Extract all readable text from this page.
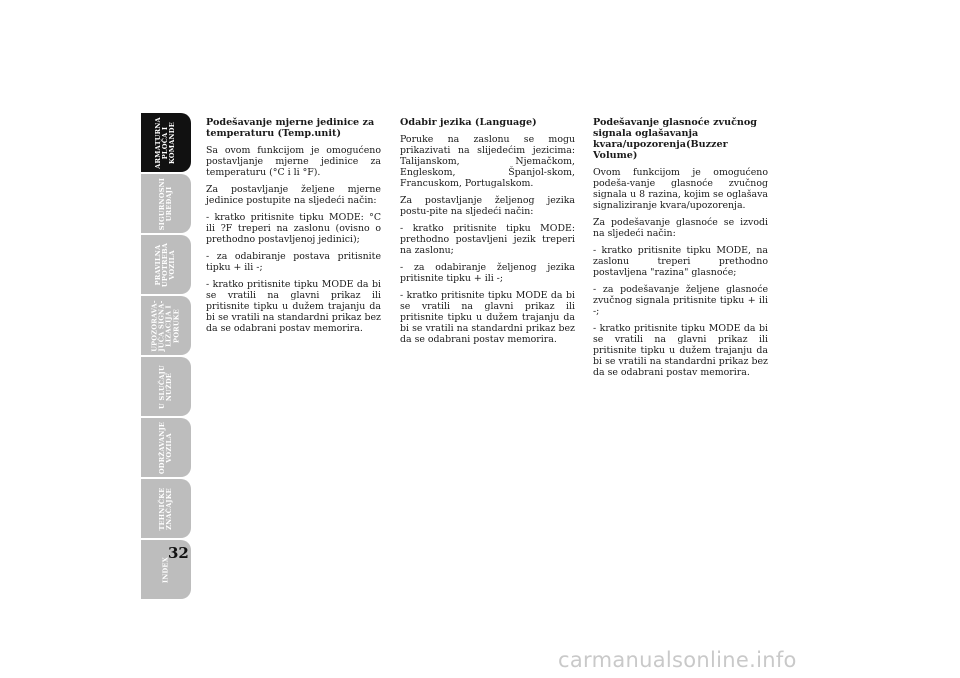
ARMATURNA PLOČA I KOMANDE
SIGURNOSNI UREĐAJI
PRAVILNA UPOTREBA VOZILA
UPOZORAVA-JUĆA SIGNA-LIZACIJA I PORUKE
U SLUČAJU NUŽDE
ODRŽAVANJE VOZILA
TEHNIČKE ZNAČAJKE
INDEX
32
Podešavanje mjerne jedinice za temperaturu (Temp.unit)

Sa ovom funkcijom je omogućeno postavljanje mjerne jedinice za temperaturu (°C i li °F).

Za postavljanje željene mjerne jedinice postupite na sljedeći način:

- kratko pritisnite tipku MODE: °C ili ?F treperi na zaslonu (ovisno o prethodno postavljenoj jedinici);

- za odabiranje postava pritisnite tipku + ili -;

- kratko pritisnite tipku MODE da bi se vratili na glavni prikaz ili pritisnite tipku u dužem trajanju da bi se vratili na standardni prikaz bez da se odabrani postav memorira.

Odabir jezika (Language)

Poruke na zaslonu se mogu prikazivati na slijedećim jezicima: Talijanskom, Njemačkom, Engleskom, Španjol-skom, Francuskom, Portugalskom.

Za postavljanje željenog jezika postu-pite na sljedeći način:

- kratko pritisnite tipku MODE: prethodno postavljeni jezik treperi na zaslonu;

- za odabiranje željenog jezika pritisnite tipku + ili -;

- kratko pritisnite tipku MODE da bi se vratili na glavni prikaz ili pritisnite tipku u dužem trajanju da bi se vratili na standardni prikaz bez da se odabrani postav memorira.

Podešavanje glasnoće zvučnog signala oglašavanja kvara/upozorenja(Buzzer Volume)

Ovom funkcijom je omogućeno podeša-vanje glasnoće zvučnog signala u 8 razina, kojim se oglašava signaliziranje kvara/upozorenja.

Za podešavanje glasnoće se izvodi na sljedeći način:

- kratko pritisnite tipku MODE, na zaslonu treperi prethodno postavljena "razina" glasnoće;

- za podešavanje željene glasnoće zvučnog signala pritisnite tipku + ili -;

- kratko pritisnite tipku MODE da bi se vratili na glavni prikaz ili pritisnite tipku u dužem trajanju da bi se vratili na standardni prikaz bez da se odabrani postav memorira.

carmanualsonline.info
